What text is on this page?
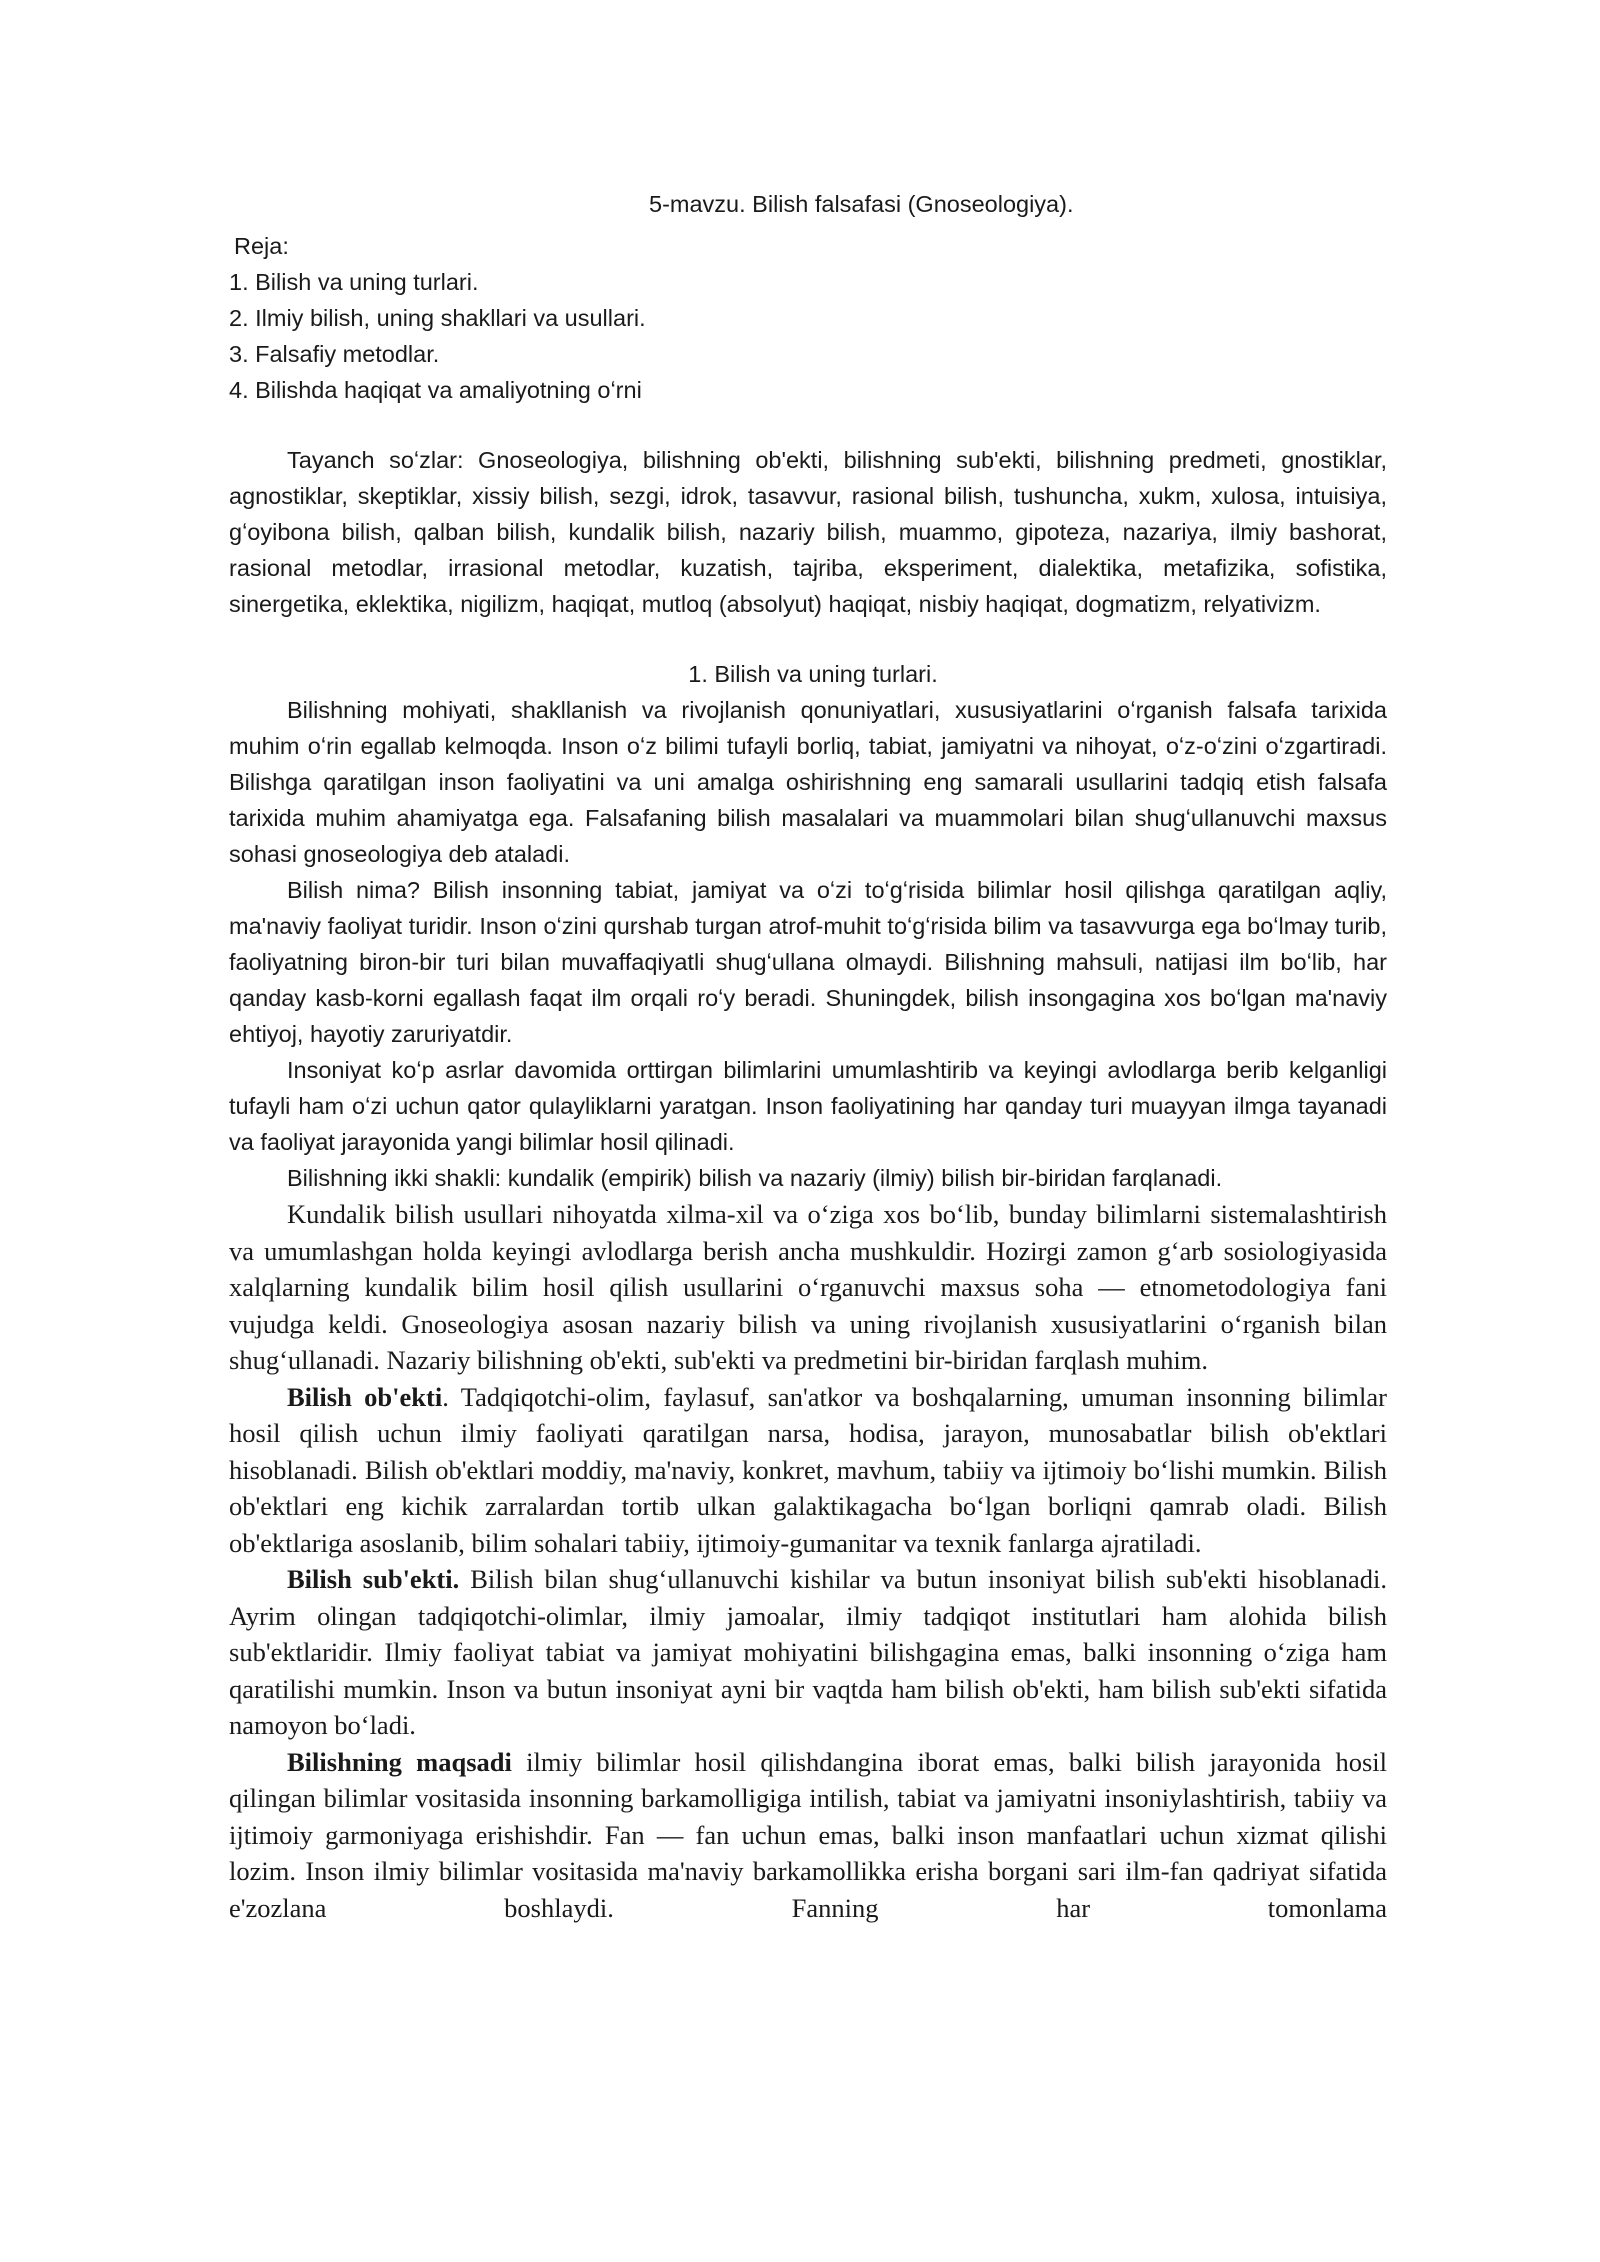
5-mavzu. Bilish falsafasi (Gnoseologiya).
Reja:
1. Bilish va uning turlari.
2. Ilmiy bilish, uning shakllari va usullari.
3. Falsafiy metodlar.
4. Bilishda haqiqat va amaliyotning oʻrni

Tayanch soʻzlar: Gnoseologiya, bilishning ob'ekti, bilishning sub'ekti, bilishning predmeti, gnostiklar, agnostiklar, skeptiklar, xissiy bilish, sezgi, idrok, tasavvur, rasional bilish, tushuncha, xukm, xulosa, intuisiya, gʻoyibona bilish, qalban bilish, kundalik bilish, nazariy bilish, muammo, gipoteza, nazariya, ilmiy bashorat, rasional metodlar, irrasional metodlar, kuzatish, tajriba, eksperiment, dialektika, metafizika, sofistika, sinergetika, eklektika, nigilizm, haqiqat, mutloq (absolyut) haqiqat, nisbiy haqiqat, dogmatizm, relyativizm.

1. Bilish va uning turlari.

Bilishning mohiyati, shakllanish va rivojlanish qonuniyatlari, xususiyatlarini oʻrganish falsafa tarixida muhim oʻrin egallab kelmoqda. Inson oʻz bilimi tufayli borliq, tabiat, jamiyatni va nihoyat, oʻz-oʻzini oʻzgartiradi. Bilishga qaratilgan inson faoliyatini va uni amalga oshirishning eng samarali usullarini tadqiq etish falsafa tarixida muhim ahamiyatga ega. Falsafaning bilish masalalari va muammolari bilan shugʻullanuvchi maxsus sohasi gnoseologiya deb ataladi.

Bilish nima? Bilish insonning tabiat, jamiyat va oʻzi toʻgʻrisida bilimlar hosil qilishga qaratilgan aqliy, ma'naviy faoliyat turidir. Inson oʻzini qurshab turgan atrof-muhit toʻgʻrisida bilim va tasavvurga ega boʻlmay turib, faoliyatning biron-bir turi bilan muvaffaqiyatli shugʻullana olmaydi. Bilishning mahsuli, natijasi ilm boʻlib, har qanday kasb-korni egallash faqat ilm orqali roʻy beradi. Shuningdek, bilish insongagina xos boʻlgan ma'naviy ehtiyoj, hayotiy zaruriyatdir.

Insoniyat koʻp asrlar davomida orttirgan bilimlarini umumlashtirib va keyingi avlodlarga berib kelganligi tufayli ham oʻzi uchun qator qulayliklarni yaratgan. Inson faoliyatining har qanday turi muayyan ilmga tayanadi va faoliyat jarayonida yangi bilimlar hosil qilinadi.

Bilishning ikki shakli: kundalik (empirik) bilish va nazariy (ilmiy) bilish bir-biridan farqlanadi.

Kundalik bilish usullari nihoyatda xilma-xil va oʻziga xos boʻlib, bunday bilimlarni sistemalashtirish va umumlashgan holda keyingi avlodlarga berish ancha mushkuldir. Hozirgi zamon gʻarb sosiologiyasida xalqlarning kundalik bilim hosil qilish usullarini oʻrganuvchi maxsus soha — etnometodologiya fani vujudga keldi. Gnoseologiya asosan nazariy bilish va uning rivojlanish xususiyatlarini oʻrganish bilan shugʻullanadi. Nazariy bilishning ob'ekti, sub'ekti va predmetini bir-biridan farqlash muhim.

Bilish ob'ekti. Tadqiqotchi-olim, faylasuf, san'atkor va boshqalarning, umuman insonning bilimlar hosil qilish uchun ilmiy faoliyati qaratilgan narsa, hodisa, jarayon, munosabatlar bilish ob'ektlari hisoblanadi. Bilish ob'ektlari moddiy, ma'naviy, konkret, mavhum, tabiiy va ijtimoiy boʻlishi mumkin. Bilish ob'ektlari eng kichik zarralardan tortib ulkan galaktikagacha boʻlgan borliqni qamrab oladi. Bilish ob'ektlariga asoslanib, bilim sohalari tabiiy, ijtimoiy-gumanitar va texnik fanlarga ajratiladi.

Bilish sub'ekti. Bilish bilan shugʻullanuvchi kishilar va butun insoniyat bilish sub'ekti hisoblanadi. Ayrim olingan tadqiqotchi-olimlar, ilmiy jamoalar, ilmiy tadqiqot institutlari ham alohida bilish sub'ektlaridir. Ilmiy faoliyat tabiat va jamiyat mohiyatini bilishgagina emas, balki insonning oʻziga ham qaratilishi mumkin. Inson va butun insoniyat ayni bir vaqtda ham bilish ob'ekti, ham bilish sub'ekti sifatida namoyon boʻladi.

Bilishning maqsadi ilmiy bilimlar hosil qilishdangina iborat emas, balki bilish jarayonida hosil qilingan bilimlar vositasida insonning barkamolligiga intilish, tabiat va jamiyatni insoniylashtirish, tabiiy va ijtimoiy garmoniyaga erishishdir. Fan — fan uchun emas, balki inson manfaatlari uchun xizmat qilishi lozim. Inson ilmiy bilimlar vositasida ma'naviy barkamollikka erisha borgani sari ilm-fan qadriyat sifatida e'zozlana boshlaydi. Fanning har tomonlama
